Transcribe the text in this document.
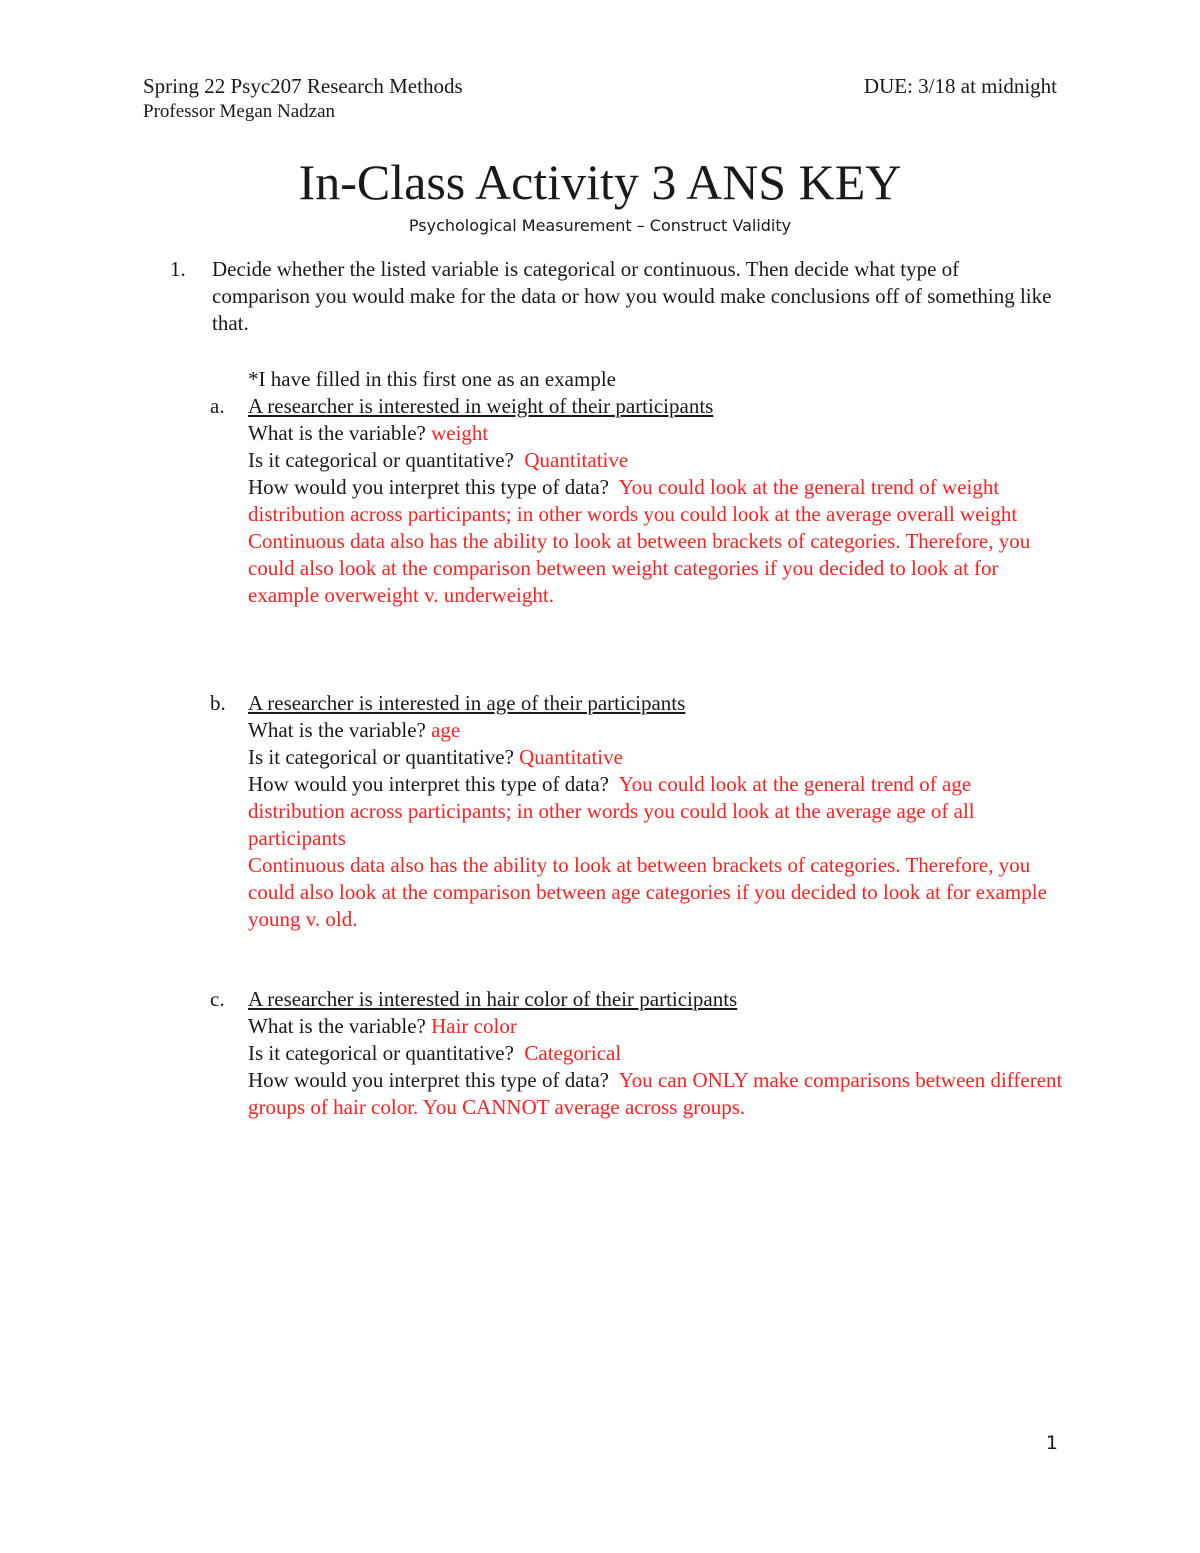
Spring 22 Psyc207 Research Methods
Professor Megan Nadzan
DUE: 3/18 at midnight
In-Class Activity 3 ANS KEY
Psychological Measurement – Construct Validity
1. Decide whether the listed variable is categorical or continuous. Then decide what type of comparison you would make for the data or how you would make conclusions off of something like that.
*I have filled in this first one as an example
a. A researcher is interested in weight of their participants
What is the variable? weight
Is it categorical or quantitative? Quantitative
How would you interpret this type of data? You could look at the general trend of weight distribution across participants; in other words you could look at the average overall weight
Continuous data also has the ability to look at between brackets of categories. Therefore, you could also look at the comparison between weight categories if you decided to look at for example overweight v. underweight.
b. A researcher is interested in age of their participants
What is the variable? age
Is it categorical or quantitative? Quantitative
How would you interpret this type of data? You could look at the general trend of age distribution across participants; in other words you could look at the average age of all participants
Continuous data also has the ability to look at between brackets of categories. Therefore, you could also look at the comparison between age categories if you decided to look at for example young v. old.
c. A researcher is interested in hair color of their participants
What is the variable? Hair color
Is it categorical or quantitative? Categorical
How would you interpret this type of data? You can ONLY make comparisons between different groups of hair color. You CANNOT average across groups.
1
